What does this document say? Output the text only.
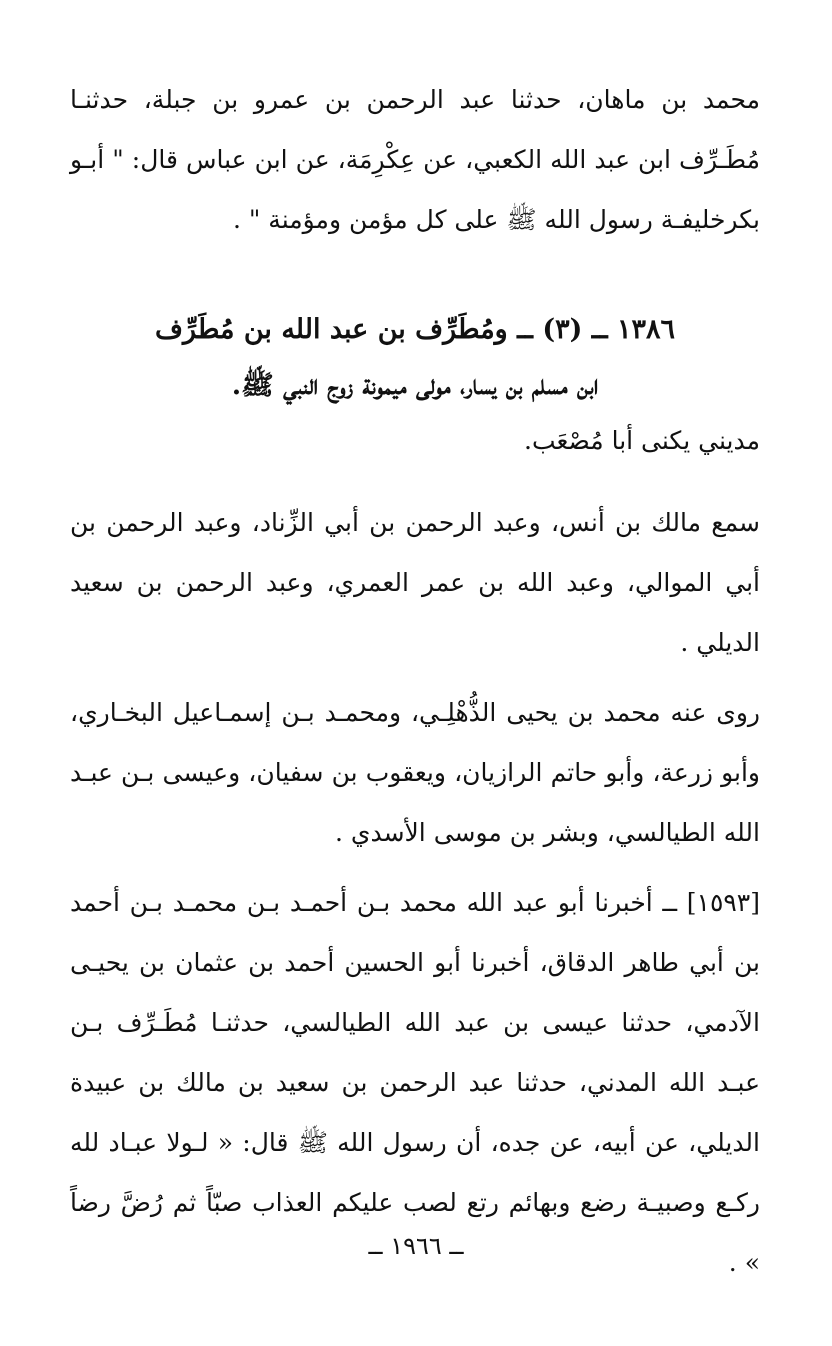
محمد بن ماهان، حدثنا عبد الرحمن بن عمرو بن جبلة، حدثنـا مُطَـرِّف ابن عبد الله الكعبي، عن عِكْرِمَة، عن ابن عباس قال: " أبـو بكرخليفـة رسول الله ﷺ على كل مؤمن ومؤمنة " .

١٣٨٦ ــ (٣) ــ ومُطَرِّف بن عبد الله بن مُطَرِّف
ابن مسلم بن يسار، مولى ميمونة زوج النبي ﷺ.

مديني يكنى أبا مُصْعَب.

سمع مالك بن أنس، وعبد الرحمن بن أبي الزِّناد، وعبد الرحمن بن أبي الموالي، وعبد الله بن عمر العمري، وعبد الرحمن بن سعيد الديلي .

روى عنه محمد بن يحيى الذُّهْلِـي، ومحمـد بـن إسمـاعيل البخـاري، وأبو زرعة، وأبو حاتم الرازيان، ويعقوب بن سفيان، وعيسى بـن عبـد الله الطيالسي، وبشر بن موسى الأسدي .

[١٥٩٣] ــ أخبرنا أبو عبد الله محمد بـن أحمـد بـن محمـد بـن أحمد بن أبي طاهر الدقاق، أخبرنا أبو الحسين أحمد بن عثمان بن يحيـى الآدمي، حدثنا عيسى بن عبد الله الطيالسي، حدثنـا مُطَـرِّف بـن عبـد الله المدني، حدثنا عبد الرحمن بن سعيد بن مالك بن عبيدة الديلي، عن أبيه، عن جده، أن رسول الله ﷺ قال: « لـولا عبـاد لله ركـع وصبيـة رضع وبهائم رتع لصب عليكم العذاب صبّاً ثم رُضَّ رضاً » .

ــ ١٩٦٦ ــ
